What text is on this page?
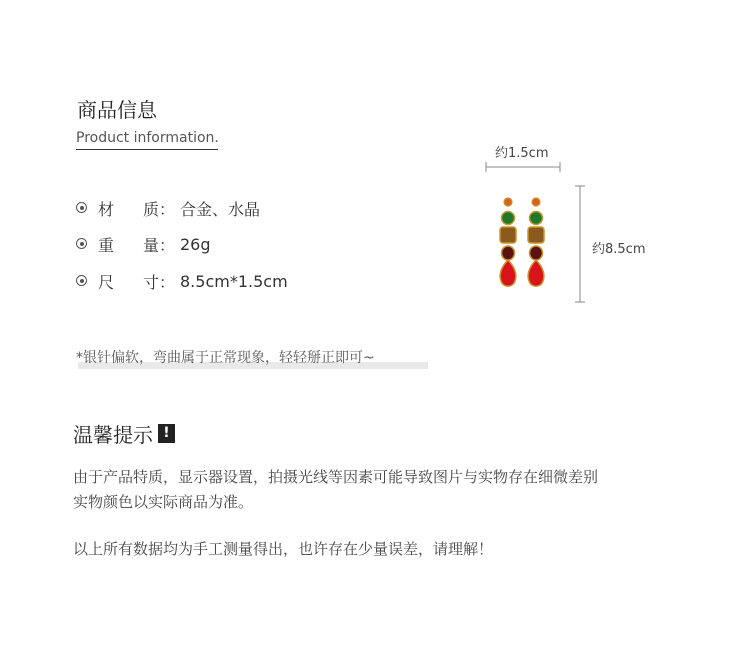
商品信息
Product information.
材 质： 合金、水晶
重 量： 26g
尺 寸： 8.5cm*1.5cm
约1.5cm
约8.5cm
*银针偏软，弯曲属于正常现象，轻轻掰正即可~
温馨提示 !
由于产品特质，显示器设置，拍摄光线等因素可能导致图片与实物存在细微差别
实物颜色以实际商品为准。
以上所有数据均为手工测量得出，也许存在少量误差，请理解！
